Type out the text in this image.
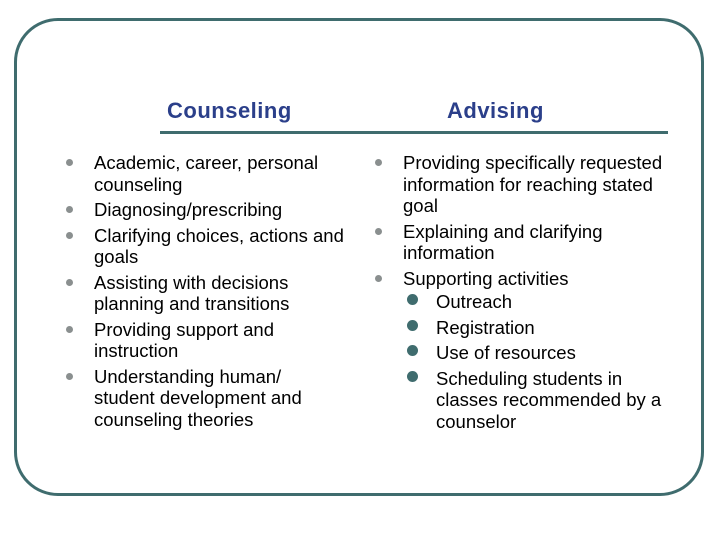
Counseling	Advising
Academic, career, personal counseling
Diagnosing/prescribing
Clarifying choices, actions and goals
Assisting with decisions planning and transitions
Providing support and instruction
Understanding human/ student development and counseling theories
Providing specifically requested information for reaching stated goal
Explaining and clarifying information
Supporting activities
Outreach
Registration
Use of resources
Scheduling students in classes recommended by a counselor
